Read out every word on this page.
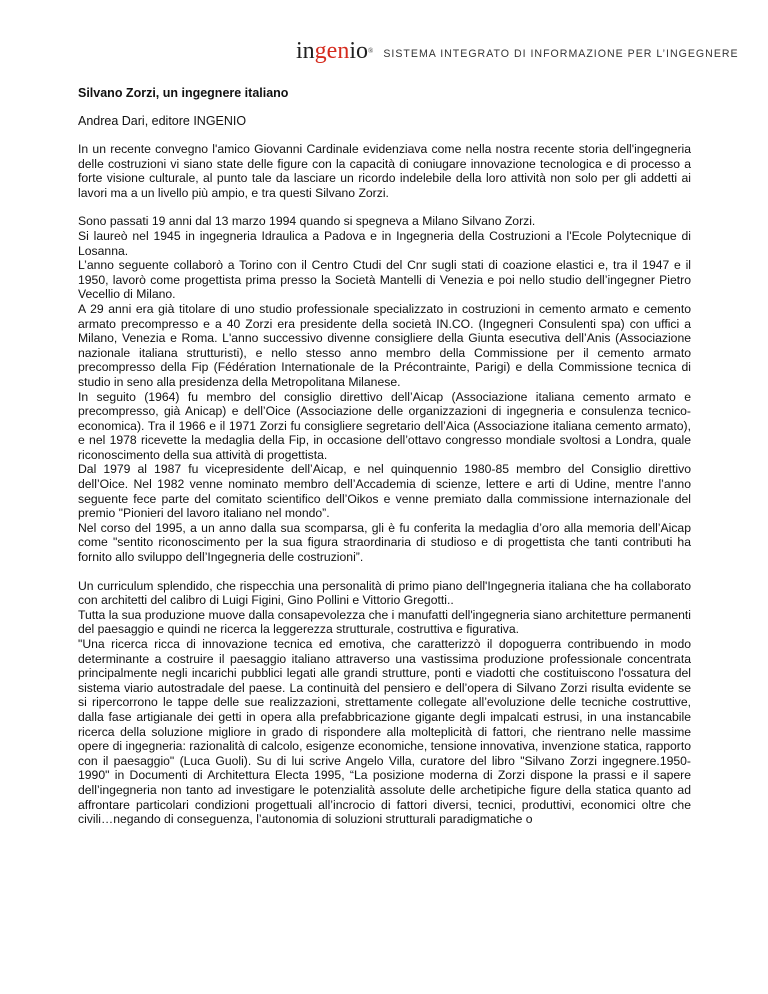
ingenio® SISTEMA INTEGRATO DI INFORMAZIONE PER L’INGEGNERE

Silvano Zorzi, un ingegnere italiano

Andrea Dari, editore INGENIO

In un recente convegno l'amico Giovanni Cardinale evidenziava come nella nostra recente storia dell'ingegneria delle costruzioni vi siano state delle figure con la capacità di coniugare innovazione tecnologica e di processo a forte visione culturale, al punto tale da lasciare un ricordo indelebile della loro attività non solo per gli addetti ai lavori ma a un livello più ampio, e tra questi Silvano Zorzi.

Sono passati 19 anni dal 13 marzo 1994 quando si spegneva a Milano Silvano Zorzi.
Si laureò nel 1945 in ingegneria Idraulica a Padova e in Ingegneria della Costruzioni a l'Ecole Polytecnique di Losanna.
L’anno seguente collaborò a Torino con il Centro Ctudi del Cnr sugli stati di coazione elastici e, tra il 1947 e il 1950, lavorò come progettista prima presso la Società Mantelli di Venezia e poi nello studio dell’ingegner Pietro Vecellio di Milano.
A 29 anni era già titolare di uno studio professionale specializzato in costruzioni in cemento armato e cemento armato precompresso e a 40 Zorzi era presidente della società IN.CO. (Ingegneri Consulenti spa) con uffici a Milano, Venezia e Roma. L'anno successivo divenne consigliere della Giunta esecutiva dell’Anis (Associazione nazionale italiana strutturisti), e nello stesso anno membro della Commissione per il cemento armato precompresso della Fip (Fédération Internationale de la Précontrainte, Parigi) e della Commissione tecnica di studio in seno alla presidenza della Metropolitana Milanese.
In seguito (1964) fu membro del consiglio direttivo dell’Aicap (Associazione italiana cemento armato e precompresso, già Anicap) e dell’Oice (Associazione delle organizzazioni di ingegneria e consulenza tecnico-economica). Tra il 1966 e il 1971 Zorzi fu consigliere segretario dell’Aica (Associazione italiana cemento armato), e nel 1978 ricevette la medaglia della Fip, in occasione dell’ottavo congresso mondiale svoltosi a Londra, quale riconoscimento della sua attività di progettista.
Dal 1979 al 1987 fu vicepresidente dell’Aicap, e nel quinquennio 1980-85 membro del Consiglio direttivo dell’Oice. Nel 1982 venne nominato membro dell’Accademia di scienze, lettere e arti di Udine, mentre l’anno seguente fece parte del comitato scientifico dell’Oikos e venne premiato dalla commissione internazionale del premio "Pionieri del lavoro italiano nel mondo”.
Nel corso del 1995, a un anno dalla sua scomparsa, gli è fu conferita la medaglia d’oro alla memoria dell’Aicap come "sentito riconoscimento per la sua figura straordinaria di studioso e di progettista che tanti contributi ha fornito allo sviluppo dell’Ingegneria delle costruzioni”.

Un curriculum splendido, che rispecchia una personalità di primo piano dell'Ingegneria italiana che ha collaborato con architetti del calibro di Luigi Figini, Gino Pollini e Vittorio Gregotti..
Tutta la sua produzione muove dalla consapevolezza che i manufatti dell'ingegneria siano architetture permanenti del paesaggio e quindi ne ricerca la leggerezza strutturale, costruttiva e figurativa.
"Una ricerca ricca di innovazione tecnica ed emotiva, che caratterizzò il dopoguerra contribuendo in modo determinante a costruire il paesaggio italiano attraverso una vastissima produzione professionale concentrata principalmente negli incarichi pubblici legati alle grandi strutture, ponti e viadotti che costituiscono l'ossatura del sistema viario autostradale del paese. La continuità del pensiero e dell’opera di Silvano Zorzi risulta evidente se si ripercorrono le tappe delle sue realizzazioni, strettamente collegate all’evoluzione delle tecniche costruttive, dalla fase artigianale dei getti in opera alla prefabbricazione gigante degli impalcati estrusi, in una instancabile ricerca della soluzione migliore in grado di rispondere alla molteplicità di fattori, che rientrano nelle massime opere di ingegneria: razionalità di calcolo, esigenze economiche, tensione innovativa, invenzione statica, rapporto con il paesaggio" (Luca Guoli). Su di lui scrive Angelo Villa, curatore del libro "Silvano Zorzi ingegnere.1950-1990" in Documenti di Architettura Electa 1995, “La posizione moderna di Zorzi dispone la prassi e il sapere dell’ingegneria non tanto ad investigare le potenzialità assolute delle archetipiche figure della statica quanto ad affrontare particolari condizioni progettuali all’incrocio di fattori diversi, tecnici, produttivi, economici oltre che civili…negando di conseguenza, l’autonomia di soluzioni strutturali paradigmatiche o
